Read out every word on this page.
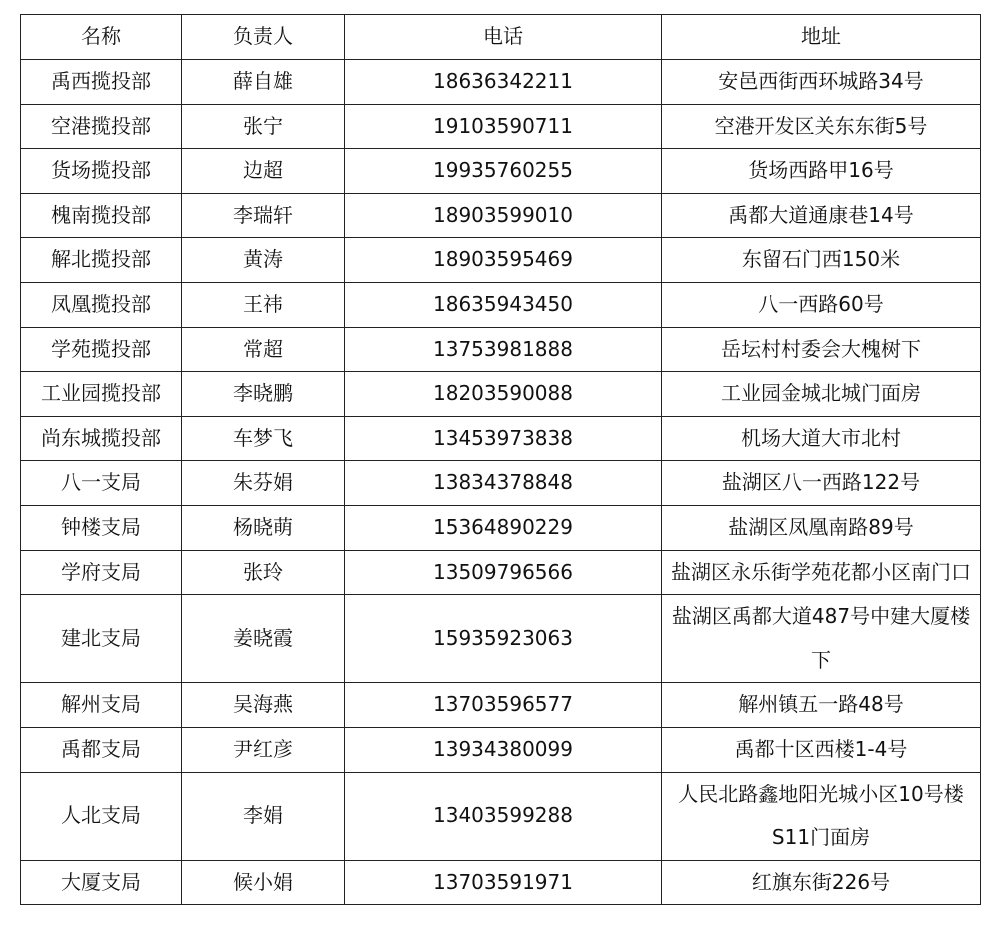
名称	负责人	电话	地址
禹西揽投部	薛自雄	18636342211	安邑西街西环城路34号
空港揽投部	张宁	19103590711	空港开发区关东东街5号
货场揽投部	边超	19935760255	货场西路甲16号
槐南揽投部	李瑞轩	18903599010	禹都大道通康巷14号
解北揽投部	黄涛	18903595469	东留石门西150米
凤凰揽投部	王祎	18635943450	八一西路60号
学苑揽投部	常超	13753981888	岳坛村村委会大槐树下
工业园揽投部	李晓鹏	18203590088	工业园金城北城门面房
尚东城揽投部	车梦飞	13453973838	机场大道大市北村
八一支局	朱芬娟	13834378848	盐湖区八一西路122号
钟楼支局	杨晓萌	15364890229	盐湖区凤凰南路89号
学府支局	张玲	13509796566	盐湖区永乐街学苑花都小区南门口
建北支局	姜晓霞	15935923063	盐湖区禹都大道487号中建大厦楼下
解州支局	吴海燕	13703596577	解州镇五一路48号
禹都支局	尹红彦	13934380099	禹都十区西楼1-4号
人北支局	李娟	13403599288	人民北路鑫地阳光城小区10号楼S11门面房
大厦支局	候小娟	13703591971	红旗东街226号
